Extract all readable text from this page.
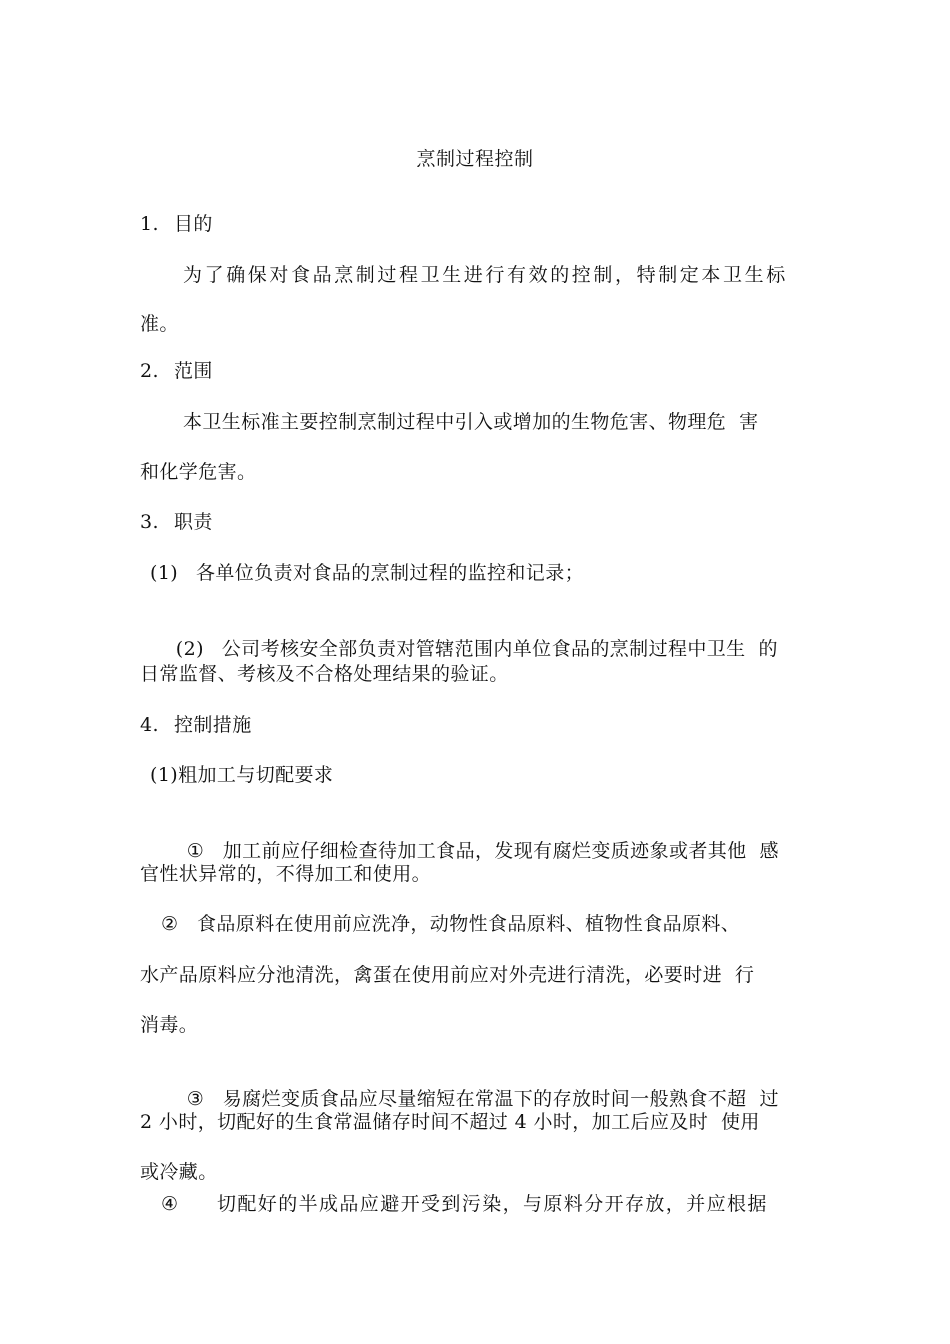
烹制过程控制
1. 目的
为了确保对食品烹制过程卫生进行有效的控制，特制定本卫生标
准。
2. 范围
本卫生标准主要控制烹制过程中引入或增加的生物危害、物理危  害
和化学危害。
3. 职责
(1) 各单位负责对食品的烹制过程的监控和记录；

(2) 公司考核安全部负责对管辖范围内单位食品的烹制过程中卫生  的

日常监督、考核及不合格处理结果的验证。
4. 控制措施
(1)粗加工与切配要求

① 加工前应仔细检查待加工食品，发现有腐烂变质迹象或者其他  感

官性状异常的，不得加工和使用。
② 食品原料在使用前应洗净，动物性食品原料、植物性食品原料、
水产品原料应分池清洗，禽蛋在使用前应对外壳进行清洗，必要时进  行
消毒。

③ 易腐烂变质食品应尽量缩短在常温下的存放时间一般熟食不超  过

2 小时，切配好的生食常温储存时间不超过 4 小时，加工后应及时  使用
或冷藏。
④ 切配好的半成品应避开受到污染，与原料分开存放，并应根据
